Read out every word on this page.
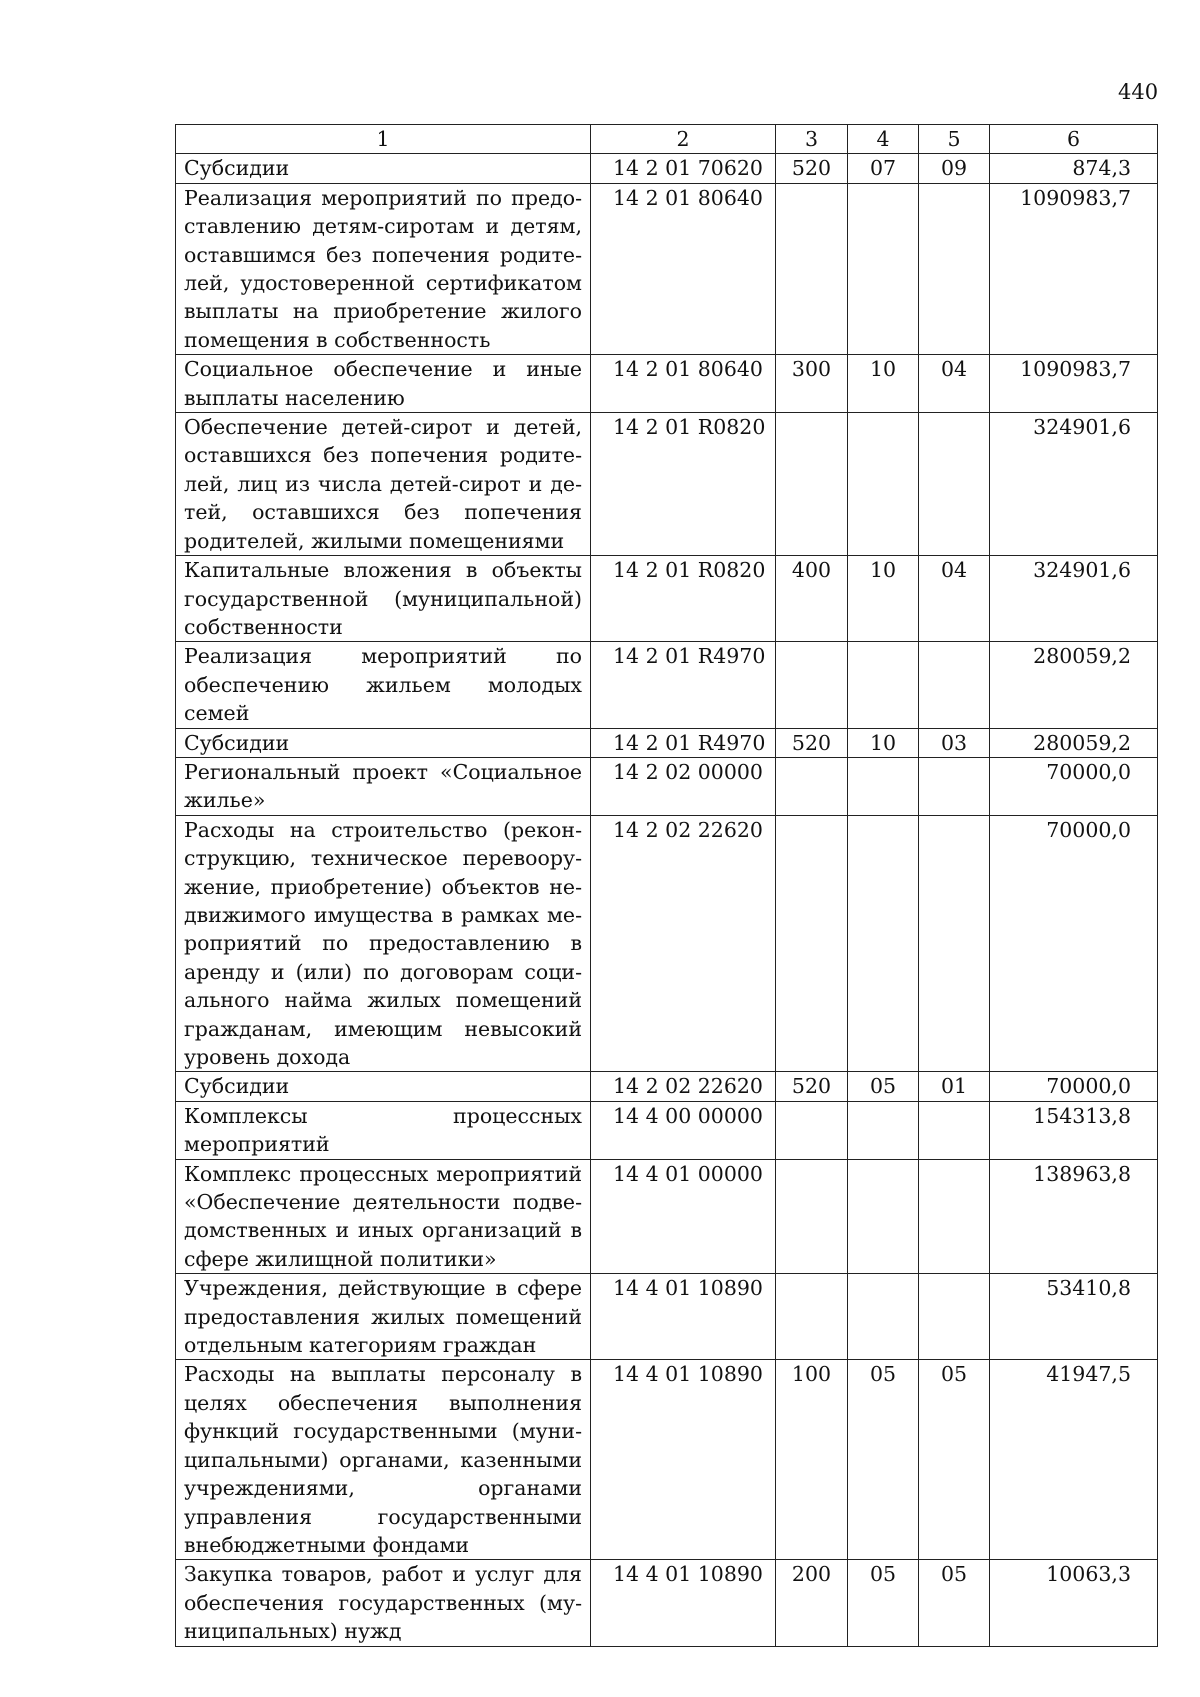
440
1	2	3	4	5	6
Субсидии	14 2 01 70620	520	07	09	874,3
Реализация мероприятий по предоставлению детям-сиротам и детям, оставшимся без попечения родителей, удостоверенной сертификатом выплаты на приобретение жилого помещения в собственность	14 2 01 80640				1090983,7
Социальное обеспечение и иные выплаты населению	14 2 01 80640	300	10	04	1090983,7
Обеспечение детей-сирот и детей, оставшихся без попечения родителей, лиц из числа детей-сирот и детей, оставшихся без попечения родителей, жилыми помещениями	14 2 01 R0820				324901,6
Капитальные вложения в объекты государственной (муниципальной) собственности	14 2 01 R0820	400	10	04	324901,6
Реализация мероприятий по обеспечению жильем молодых семей	14 2 01 R4970				280059,2
Субсидии	14 2 01 R4970	520	10	03	280059,2
Региональный проект «Социальное жилье»	14 2 02 00000				70000,0
Расходы на строительство (реконструкцию, техническое перевооружение, приобретение) объектов недвижимого имущества в рамках мероприятий по предоставлению в аренду и (или) по договорам социального найма жилых помещений гражданам, имеющим невысокий уровень дохода	14 2 02 22620				70000,0
Субсидии	14 2 02 22620	520	05	01	70000,0
Комплексы процессных мероприятий	14 4 00 00000				154313,8
Комплекс процессных мероприятий «Обеспечение деятельности подведомственных и иных организаций в сфере жилищной политики»	14 4 01 00000				138963,8
Учреждения, действующие в сфере предоставления жилых помещений отдельным категориям граждан	14 4 01 10890				53410,8
Расходы на выплаты персоналу в целях обеспечения выполнения функций государственными (муниципальными) органами, казенными учреждениями, органами управления государственными внебюджетными фондами	14 4 01 10890	100	05	05	41947,5
Закупка товаров, работ и услуг для обеспечения государственных (муниципальных) нужд	14 4 01 10890	200	05	05	10063,3
